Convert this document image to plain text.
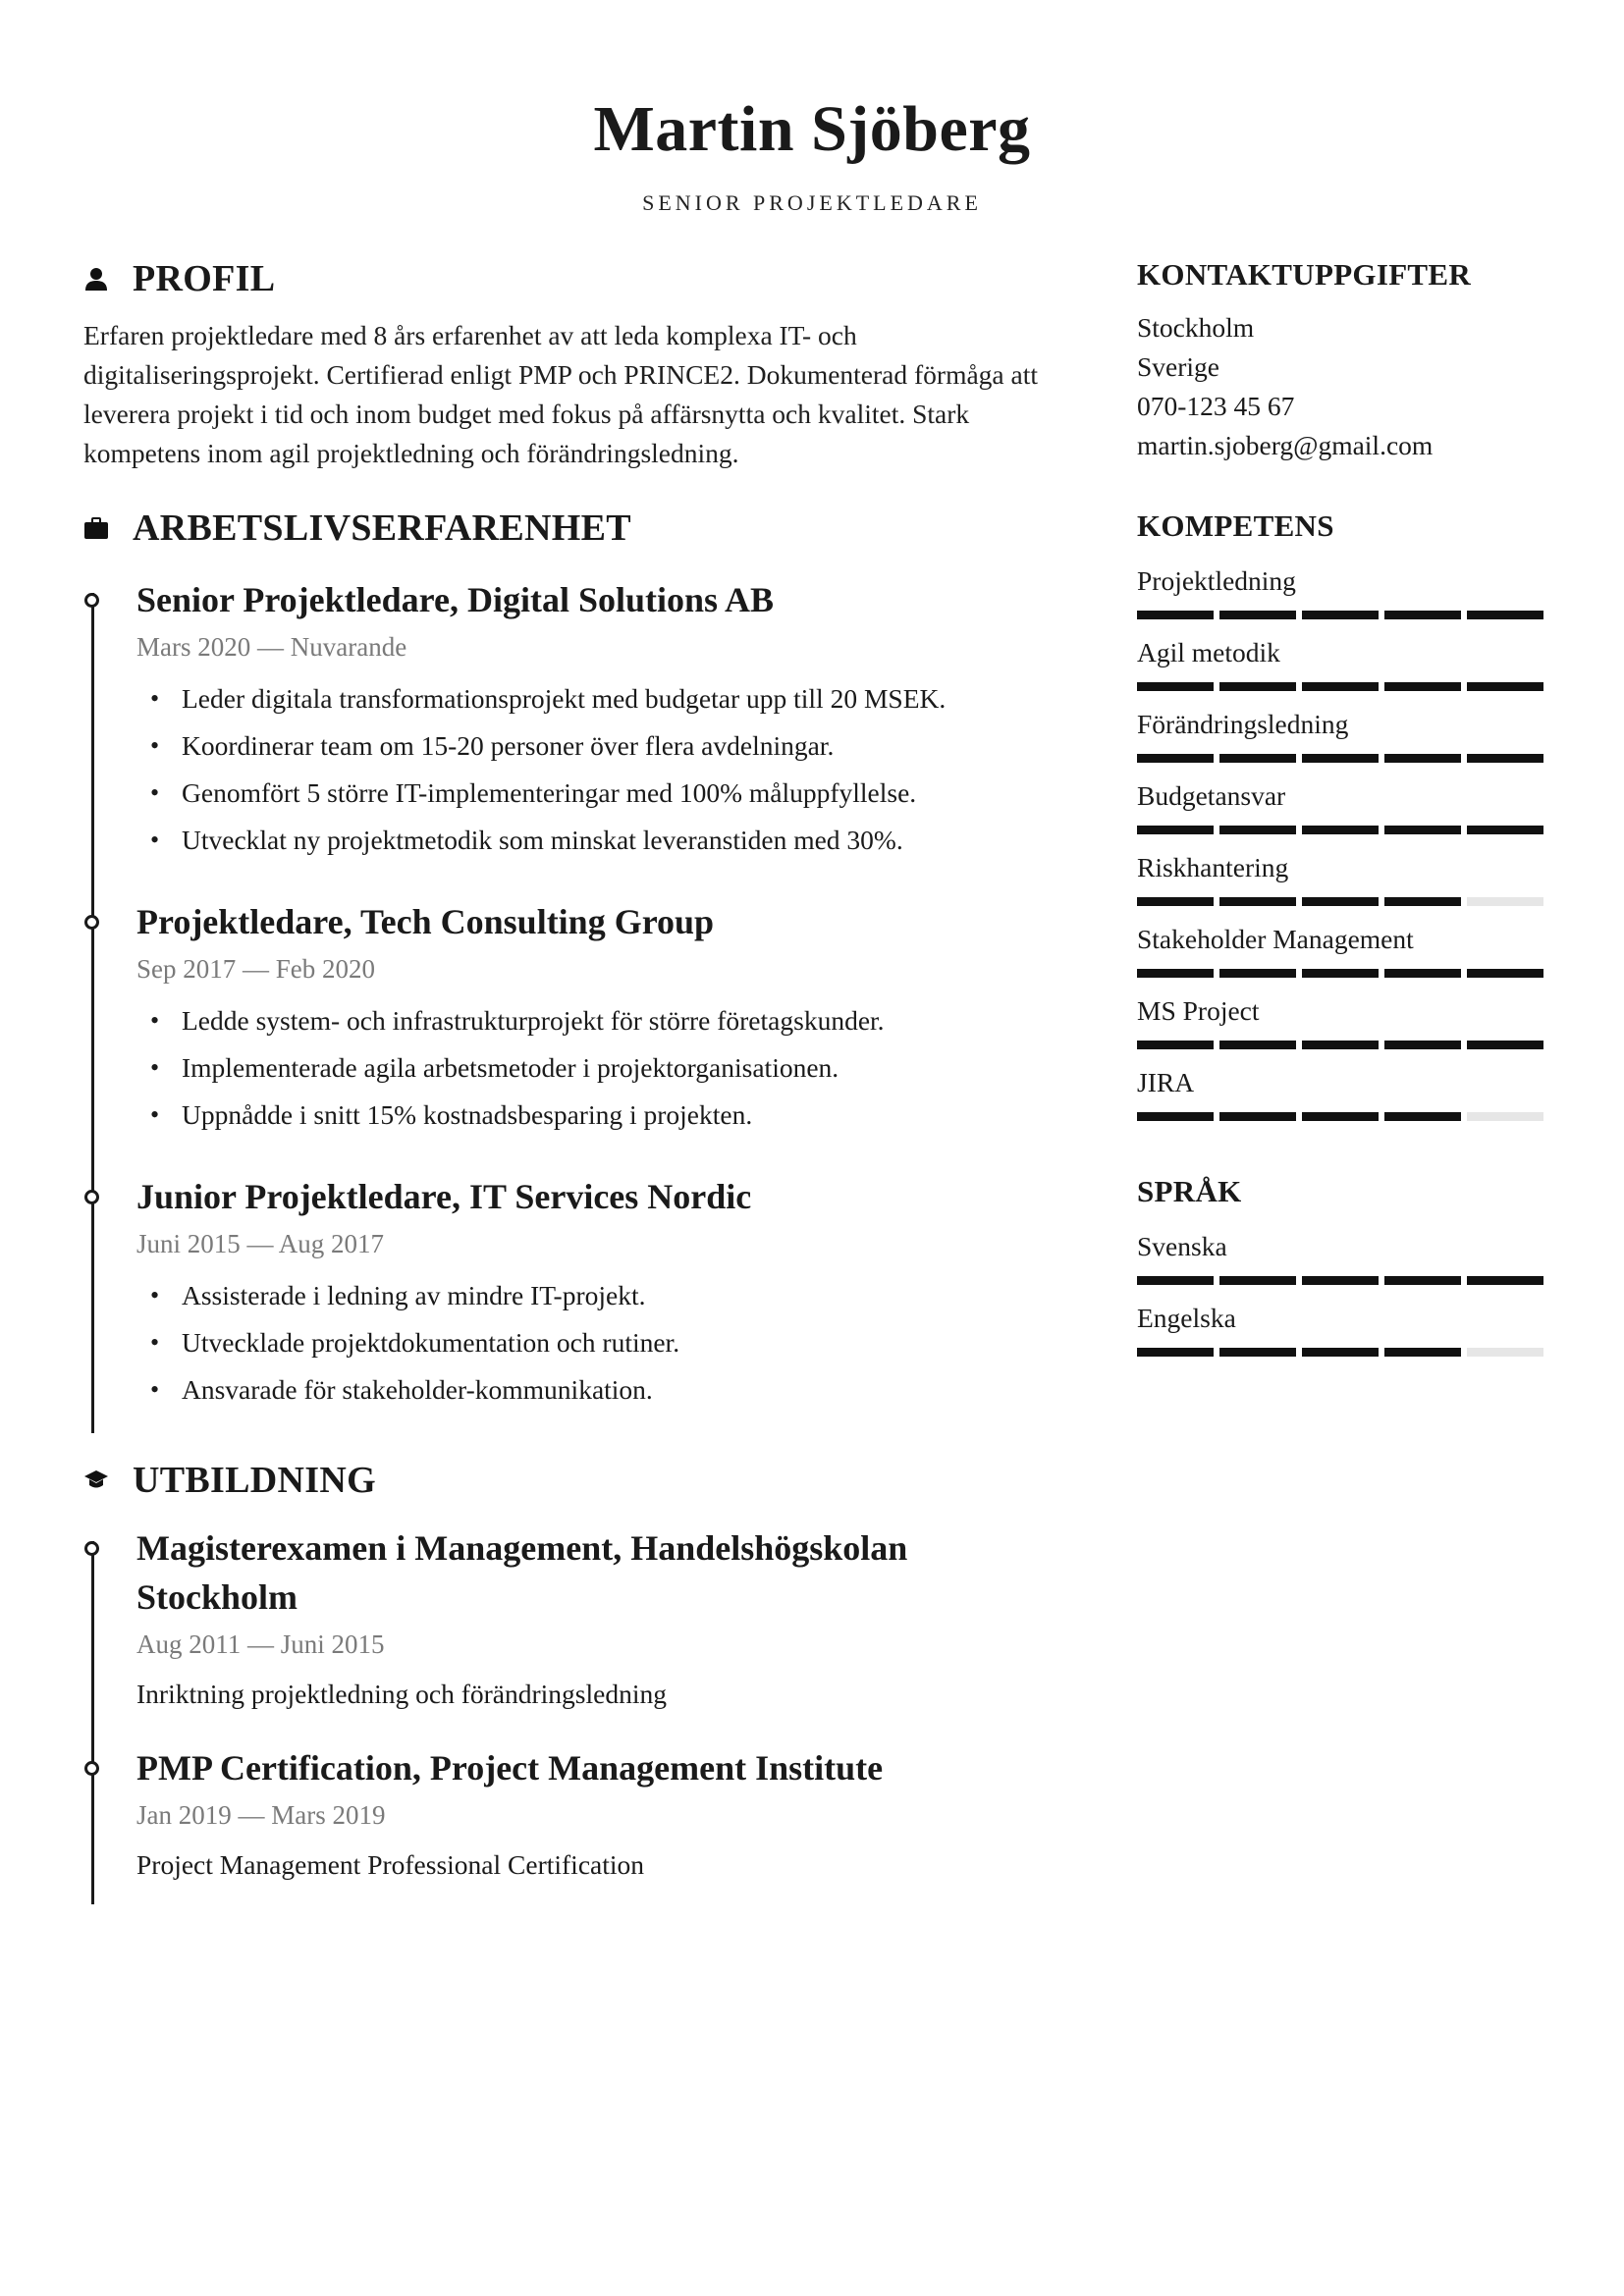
Martin Sjöberg
SENIOR PROJEKTLEDARE
PROFIL

Erfaren projektledare med 8 års erfarenhet av att leda komplexa IT- och digitaliseringsprojekt. Certifierad enligt PMP och PRINCE2. Dokumenterad förmåga att leverera projekt i tid och inom budget med fokus på affärsnytta och kvalitet. Stark kompetens inom agil projektledning och förändringsledning.

ARBETSLIVSERFARENHET
Senior Projektledare, Digital Solutions AB
Mars 2020 — Nuvarande
• Leder digitala transformationsprojekt med budgetar upp till 20 MSEK.
• Koordinerar team om 15-20 personer över flera avdelningar.
• Genomfört 5 större IT-implementeringar med 100% måluppfyllelse.
• Utvecklat ny projektmetodik som minskat leveranstiden med 30%.
Projektledare, Tech Consulting Group
Sep 2017 — Feb 2020
• Ledde system- och infrastrukturprojekt för större företagskunder.
• Implementerade agila arbetsmetoder i projektorganisationen.
• Uppnådde i snitt 15% kostnadsbesparing i projekten.
Junior Projektledare, IT Services Nordic
Juni 2015 — Aug 2017
• Assisterade i ledning av mindre IT-projekt.
• Utvecklade projektdokumentation och rutiner.
• Ansvarade för stakeholder-kommunikation.
UTBILDNING
Magisterexamen i Management, Handelshögskolan Stockholm
Aug 2011 — Juni 2015
Inriktning projektledning och förändringsledning
PMP Certification, Project Management Institute
Jan 2019 — Mars 2019
Project Management Professional Certification
KONTAKTUPPGIFTER
Stockholm
Sverige
070-123 45 67
martin.sjoberg@gmail.com
KOMPETENS
Projektledning
Agil metodik
Förändringsledning
Budgetansvar
Riskhantering
Stakeholder Management
MS Project
JIRA
SPRÅK
Svenska
Engelska
